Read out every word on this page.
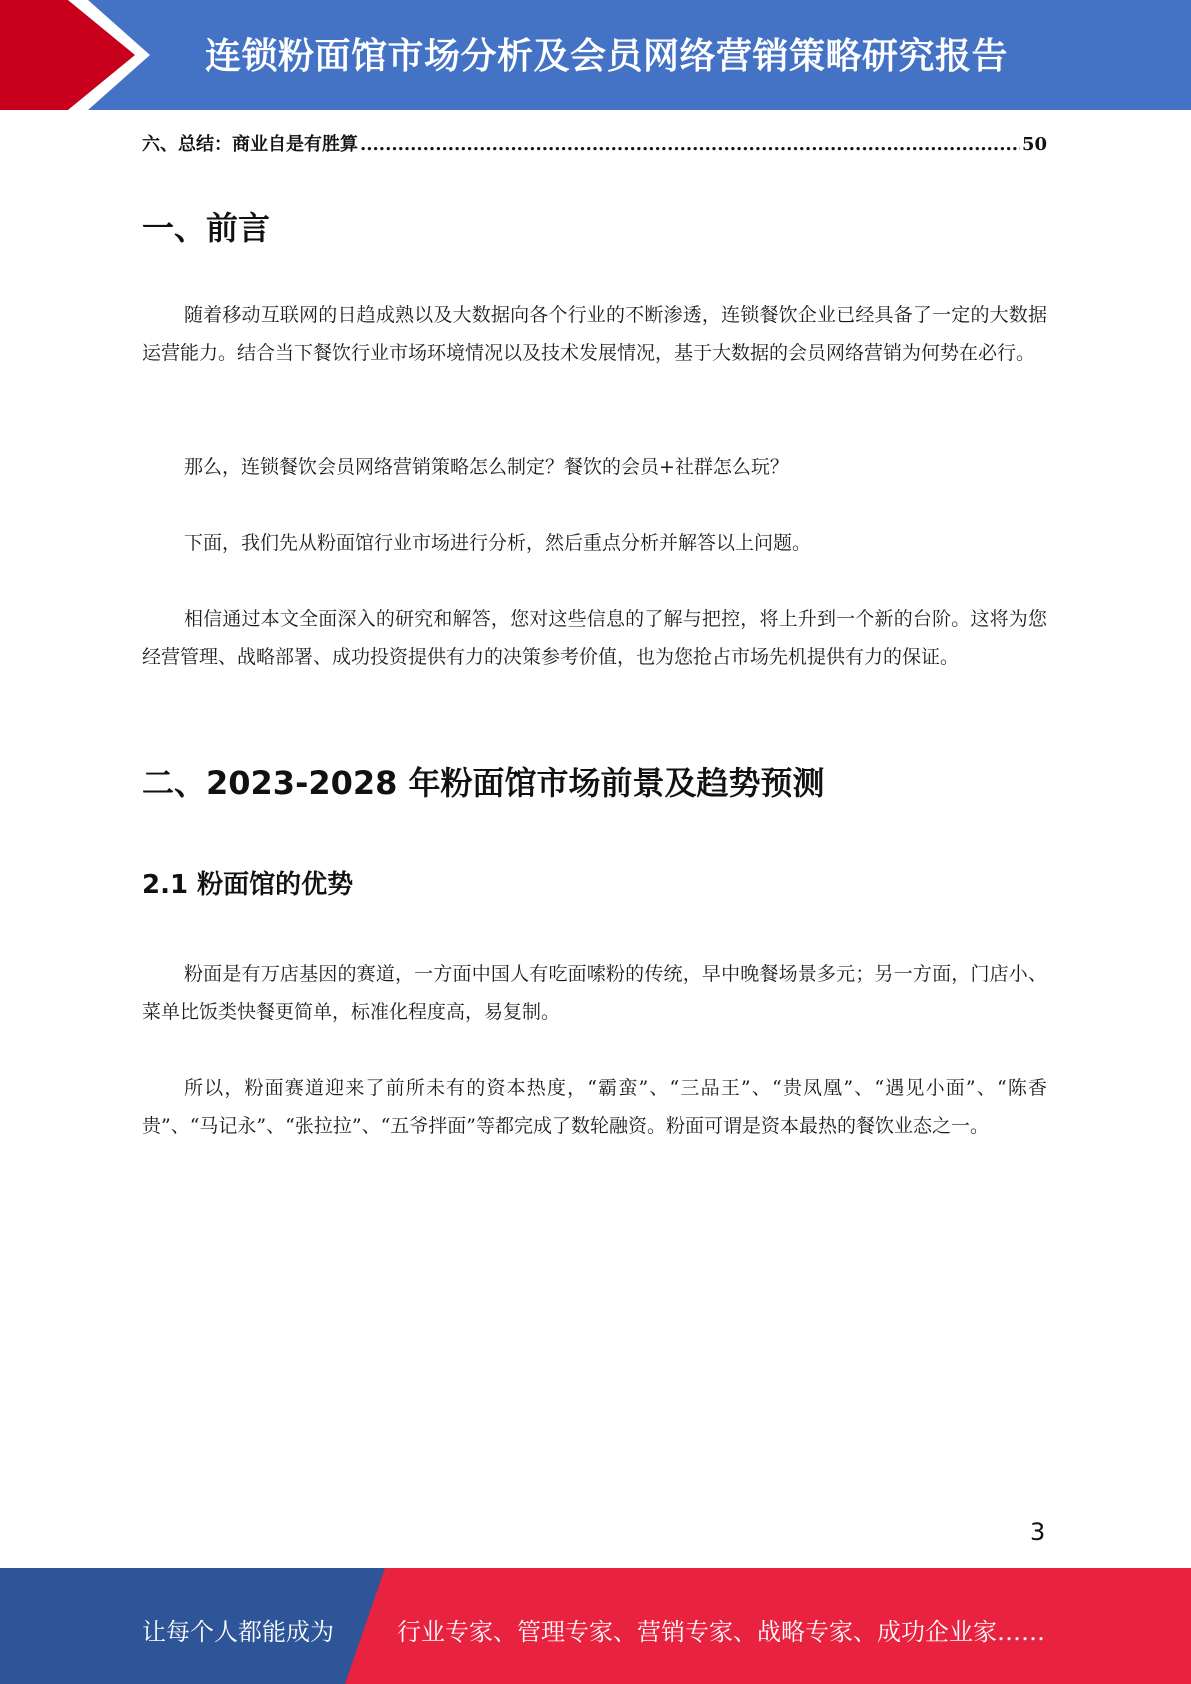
连锁粉面馆市场分析及会员网络营销策略研究报告
六、总结：商业自是有胜算
.....	50
一、前言

随着移动互联网的日趋成熟以及大数据向各个行业的不断渗透，连锁餐饮企业已经具备了一定的大数据运营能力。结合当下餐饮行业市场环境情况以及技术发展情况，基于大数据的会员网络营销为何势在必行。

那么，连锁餐饮会员网络营销策略怎么制定？餐饮的会员+社群怎么玩？

下面，我们先从粉面馆行业市场进行分析，然后重点分析并解答以上问题。

相信通过本文全面深入的研究和解答，您对这些信息的了解与把控，将上升到一个新的台阶。这将为您经营管理、战略部署、成功投资提供有力的决策参考价值，也为您抢占市场先机提供有力的保证。

二、2023-2028 年粉面馆市场前景及趋势预测
2.1 粉面馆的优势

粉面是有万店基因的赛道，一方面中国人有吃面嗦粉的传统，早中晚餐场景多元；另一方面，门店小、菜单比饭类快餐更简单，标准化程度高，易复制。

所以，粉面赛道迎来了前所未有的资本热度，“霸蛮”、“三品王”、“贵凤凰”、“遇见小面”、“陈香贵”、“马记永”、“张拉拉”、“五爷拌面”等都完成了数轮融资。粉面可谓是资本最热的餐饮业态之一。

3
让每个人都能成为	行业专家、管理专家、营销专家、战略专家、成功企业家……
